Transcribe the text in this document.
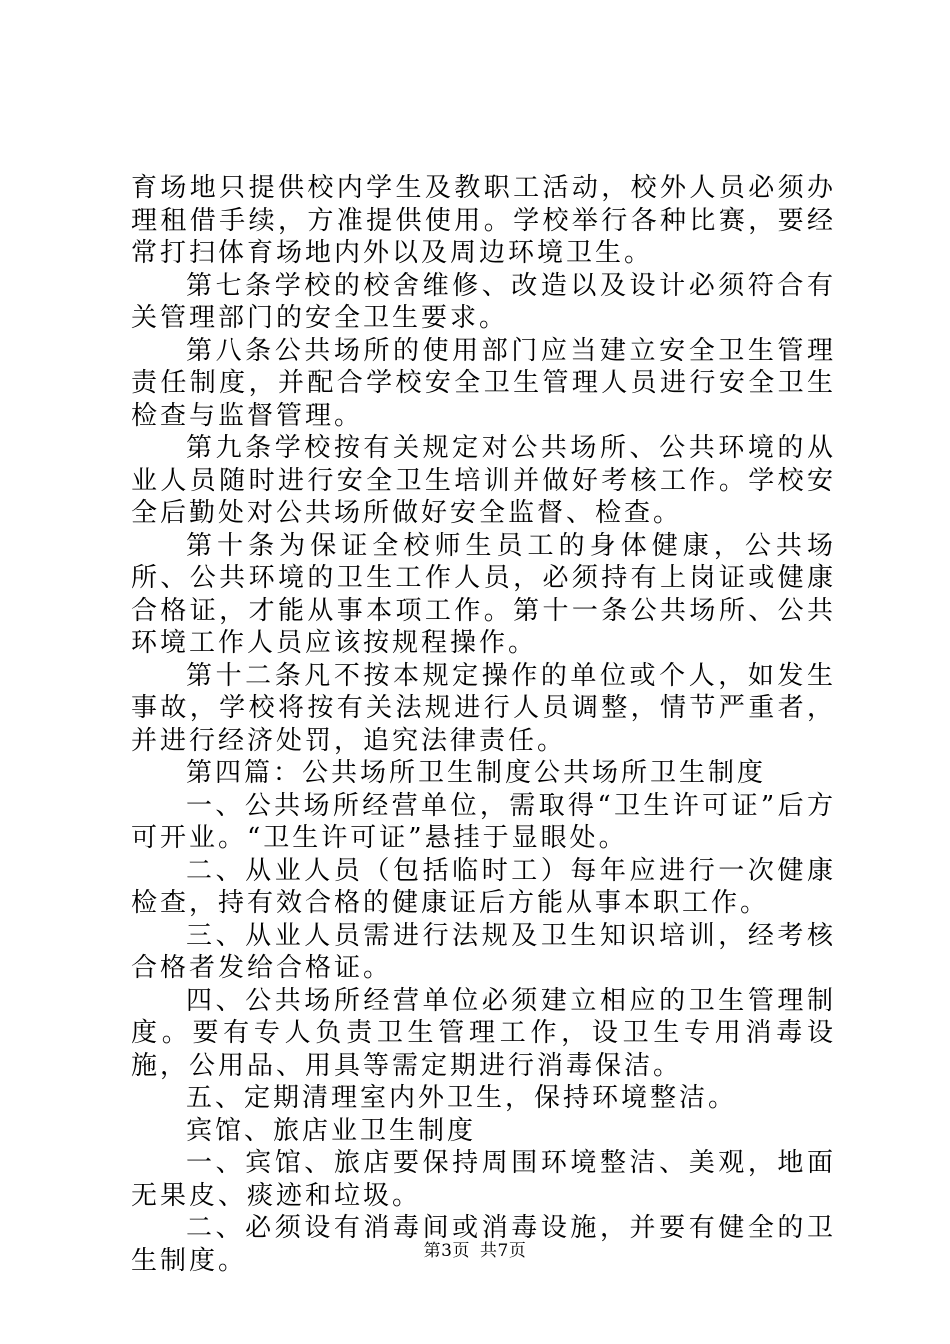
育场地只提供校内学生及教职工活动，校外人员必须办理租借手续，方准提供使用。学校举行各种比赛，要经常打扫体育场地内外以及周边环境卫生。

第七条学校的校舍维修、改造以及设计必须符合有关管理部门的安全卫生要求。

第八条公共场所的使用部门应当建立安全卫生管理责任制度，并配合学校安全卫生管理人员进行安全卫生检查与监督管理。

第九条学校按有关规定对公共场所、公共环境的从业人员随时进行安全卫生培训并做好考核工作。学校安全后勤处对公共场所做好安全监督、检查。

第十条为保证全校师生员工的身体健康，公共场所、公共环境的卫生工作人员，必须持有上岗证或健康合格证，才能从事本项工作。第十一条公共场所、公共环境工作人员应该按规程操作。

第十二条凡不按本规定操作的单位或个人，如发生事故，学校将按有关法规进行人员调整，情节严重者，并进行经济处罚，追究法律责任。

第四篇：公共场所卫生制度公共场所卫生制度

一、公共场所经营单位，需取得“卫生许可证”后方可开业。“卫生许可证”悬挂于显眼处。

二、从业人员（包括临时工）每年应进行一次健康检查，持有效合格的健康证后方能从事本职工作。

三、从业人员需进行法规及卫生知识培训，经考核合格者发给合格证。

四、公共场所经营单位必须建立相应的卫生管理制度。要有专人负责卫生管理工作，设卫生专用消毒设施，公用品、用具等需定期进行消毒保洁。

五、定期清理室内外卫生，保持环境整洁。

宾馆、旅店业卫生制度

一、宾馆、旅店要保持周围环境整洁、美观，地面无果皮、痰迹和垃圾。

二、必须设有消毒间或消毒设施，并要有健全的卫生制度。	第3页 共7页
